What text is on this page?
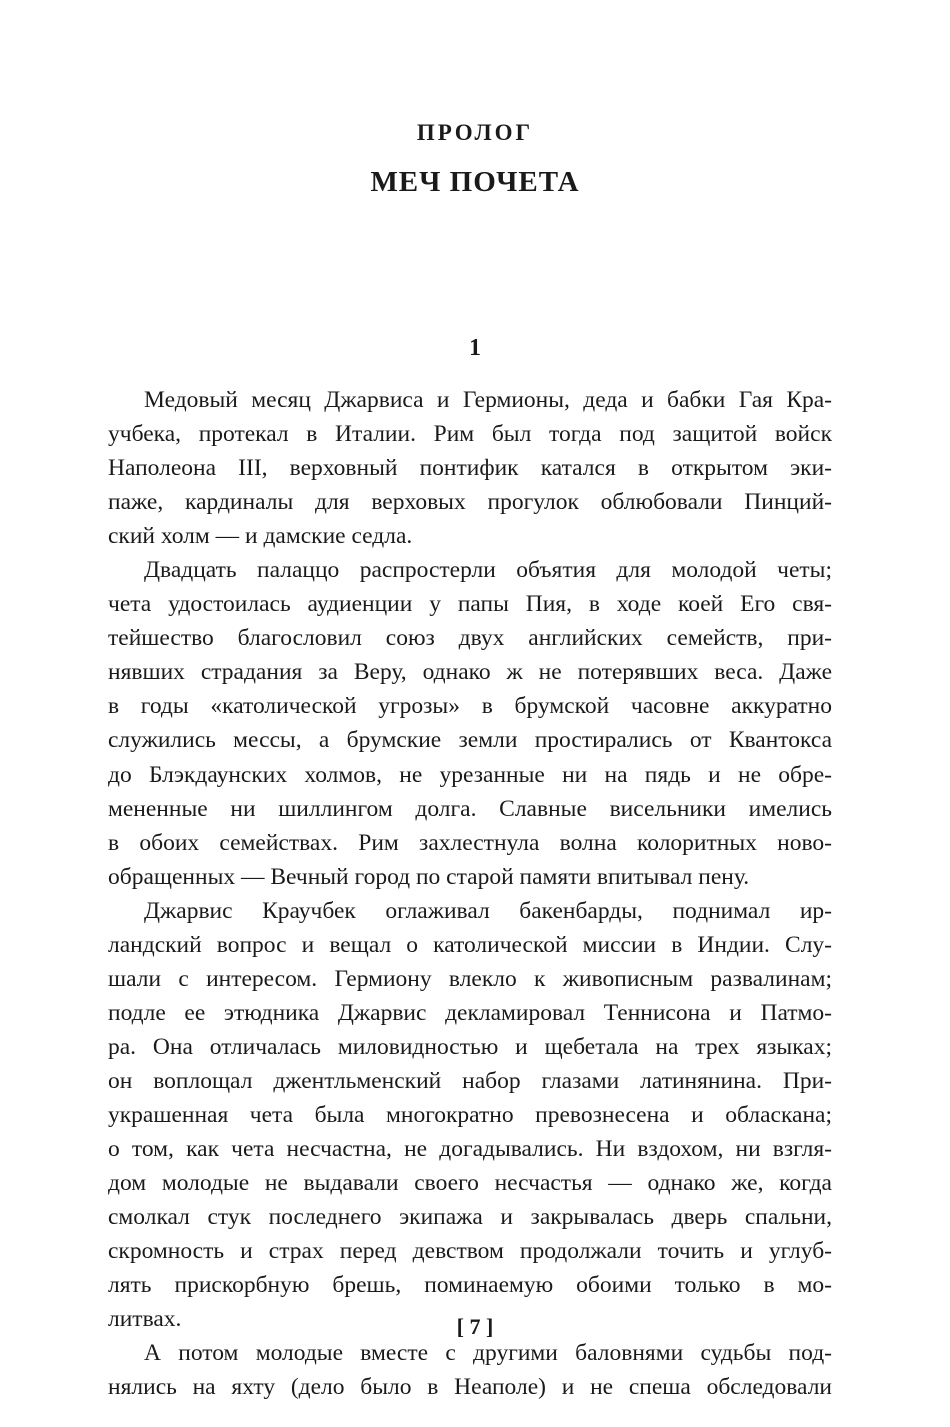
ПРОЛОГ
МЕЧ ПОЧЕТА
1
Медовый месяц Джарвиса и Гермионы, деда и бабки Гая Кра-
учбека, протекал в Италии. Рим был тогда под защитой войск
Наполеона III, верховный понтифик катался в открытом эки-
паже, кардиналы для верховых прогулок облюбовали Пинций-
ский холм — и дамские седла.
Двадцать палаццо распростерли объятия для молодой четы;
чета удостоилась аудиенции у папы Пия, в ходе коей Его свя-
тейшество благословил союз двух английских семейств, при-
нявших страдания за Веру, однако ж не потерявших веса. Даже
в годы «католической угрозы» в брумской часовне аккуратно
служились мессы, а брумские земли простирались от Квантокса
до Блэкдаунских холмов, не урезанные ни на пядь и не обре-
мененные ни шиллингом долга. Славные висельники имелись
в обоих семействах. Рим захлестнула волна колоритных ново-
обращенных — Вечный город по старой памяти впитывал пену.
Джарвис Краучбек оглаживал бакенбарды, поднимал ир-
ландский вопрос и вещал о католической миссии в Индии. Слу-
шали с интересом. Гермиону влекло к живописным развалинам;
подле ее этюдника Джарвис декламировал Теннисона и Патмо-
ра. Она отличалась миловидностью и щебетала на трех языках;
он воплощал джентльменский набор глазами латинянина. При-
украшенная чета была многократно превознесена и обласкана;
о том, как чета несчастна, не догадывались. Ни вздохом, ни взгля-
дом молодые не выдавали своего несчастья — однако же, когда
смолкал стук последнего экипажа и закрывалась дверь спальни,
скромность и страх перед девством продолжали точить и углуб-
лять прискорбную брешь, поминаемую обоими только в мо-
литвах.
А потом молодые вместе с другими баловнями судьбы под-
нялись на яхту (дело было в Неаполе) и не спеша обследовали
[ 7 ]
